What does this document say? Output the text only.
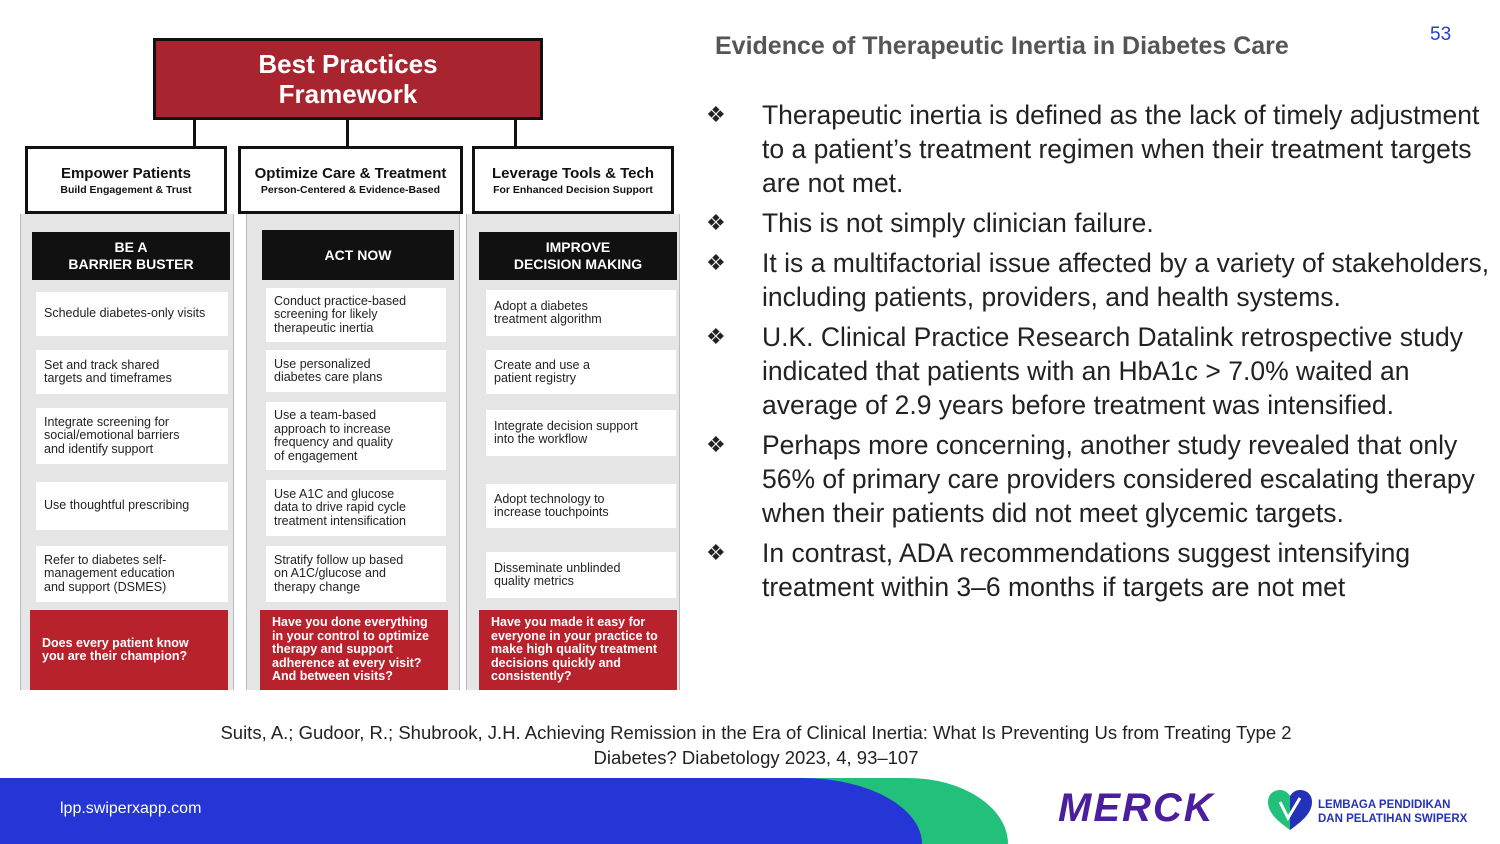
Best Practices
Framework
Empower Patients
Build Engagement & Trust
BE A
BARRIER BUSTER
Schedule diabetes-only visits
Set and track shared
targets and timeframes
Integrate screening for
social/emotional barriers
and identify support
Use thoughtful prescribing
Refer to diabetes self-
management education
and support (DSMES)
Does every patient know
you are their champion?
Optimize Care & Treatment
Person-Centered & Evidence-Based
ACT NOW
Conduct practice-based
screening for likely
therapeutic inertia
Use personalized
diabetes care plans
Use a team-based
approach to increase
frequency and quality
of engagement
Use A1C and glucose
data to drive rapid cycle
treatment intensification
Stratify follow up based
on A1C/glucose and
therapy change
Have you done everything
in your control to optimize
therapy and support
adherence at every visit?
And between visits?
Leverage Tools & Tech
For Enhanced Decision Support
IMPROVE
DECISION MAKING
Adopt a diabetes
treatment algorithm
Create and use a
patient registry
Integrate decision support
into the workflow
Adopt technology to
increase touchpoints
Disseminate unblinded
quality metrics
Have you made it easy for
everyone in your practice to
make high quality treatment
decisions quickly and
consistently?
Evidence of Therapeutic Inertia in Diabetes Care	53
❖ Therapeutic inertia is defined as the lack of timely adjustment to a patient’s treatment regimen when their treatment targets are not met.
❖ This is not simply clinician failure.
❖ It is a multifactorial issue affected by a variety of stakeholders, including patients, providers, and health systems.
❖ U.K. Clinical Practice Research Datalink retrospective study indicated that patients with an HbA1c > 7.0% waited an average of 2.9 years before treatment was intensified.
❖ Perhaps more concerning, another study revealed that only 56% of primary care providers considered escalating therapy when their patients did not meet glycemic targets.
❖ In contrast, ADA recommendations suggest intensifying treatment within 3–6 months if targets are not met
Suits, A.; Gudoor, R.; Shubrook, J.H. Achieving Remission in the Era of Clinical Inertia: What Is Preventing Us from Treating Type 2
Diabetes? Diabetology 2023, 4, 93–107
lpp.swiperxapp.com	MERCK	LEMBAGA PENDIDIKAN
DAN PELATIHAN SWIPERX
